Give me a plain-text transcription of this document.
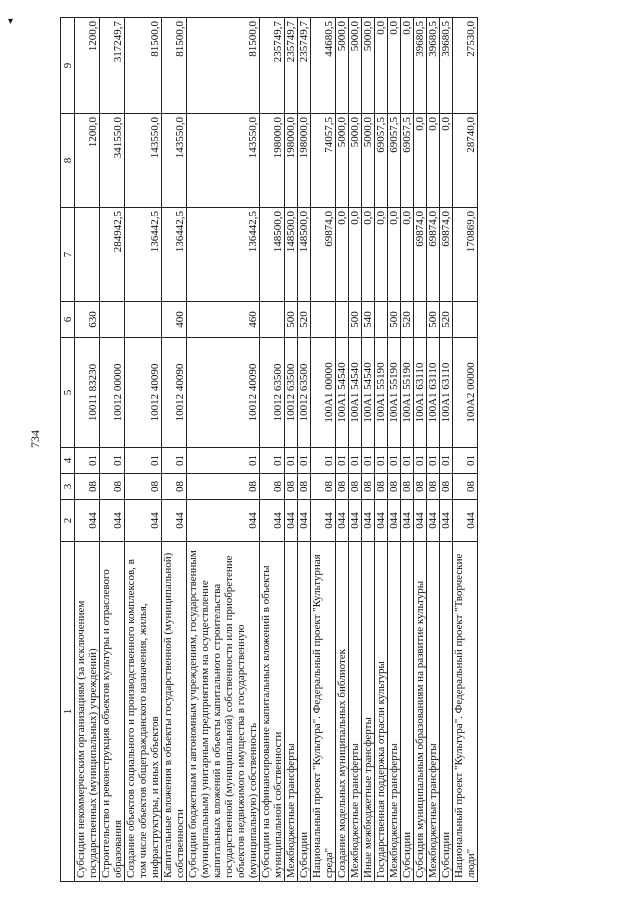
734
▾
1	2	3	4	5	6	7	8	9
Субсидии некоммерческим организациям (за исключением государственных (муниципальных) учреждений)	044	08	01	10011 83230	630		1200,0	1200,0
Строительство и реконструкция объектов культуры и отраслевого образования	044	08	01	10012 00000		284942,5	341550,0	317249,7
Создание объектов социального и производственного комплексов, в том числе объектов общегражданского назначения, жилья, инфраструктуры, и иных объектов	044	08	01	10012 40090		136442,5	143550,0	81500,0
Капитальные вложения в объекты государственной (муниципальной) собственности	044	08	01	10012 40090	400	136442,5	143550,0	81500,0
Субсидии бюджетным и автономным учреждениям, государственным (муниципальным) унитарным предприятиям на осуществление капитальных вложений в объекты капитального строительства государственной (муниципальной) собственности или приобретение объектов недвижимого имущества в государственную (муниципальную) собственность	044	08	01	10012 40090	460	136442,5	143550,0	81500,0
Субсидии на софинансирование капитальных вложений в объекты муниципальной собственности	044	08	01	10012 63500		148500,0	198000,0	235749,7
Межбюджетные трансферты	044	08	01	10012 63500	500	148500,0	198000,0	235749,7
Субсидии	044	08	01	10012 63500	520	148500,0	198000,0	235749,7
Национальный проект "Культура". Федеральный проект "Культурная среда"	044	08	01	100A1 00000		69874,0	74057,5	44680,5
Создание модельных муниципальных библиотек	044	08	01	100A1 54540		0,0	5000,0	5000,0
Межбюджетные трансферты	044	08	01	100A1 54540	500	0,0	5000,0	5000,0
Иные межбюджетные трансферты	044	08	01	100A1 54540	540	0,0	5000,0	5000,0
Государственная поддержка отрасли культуры	044	08	01	100A1 55190		0,0	69057,5	0,0
Межбюджетные трансферты	044	08	01	100A1 55190	500	0,0	69057,5	0,0
Субсидии	044	08	01	100A1 55190	520	0,0	69057,5	0,0
Субсидия муниципальным образованиям на развитие культуры	044	08	01	100A1 63110		69874,0	0,0	39680,5
Межбюджетные трансферты	044	08	01	100A1 63110	500	69874,0	0,0	39680,5
Субсидии	044	08	01	100A1 63110	520	69874,0	0,0	39680,5
Национальный проект "Культура". Федеральный проект "Творческие люди"	044	08	01	100A2 00000		170869,0	28740,0	27530,0
